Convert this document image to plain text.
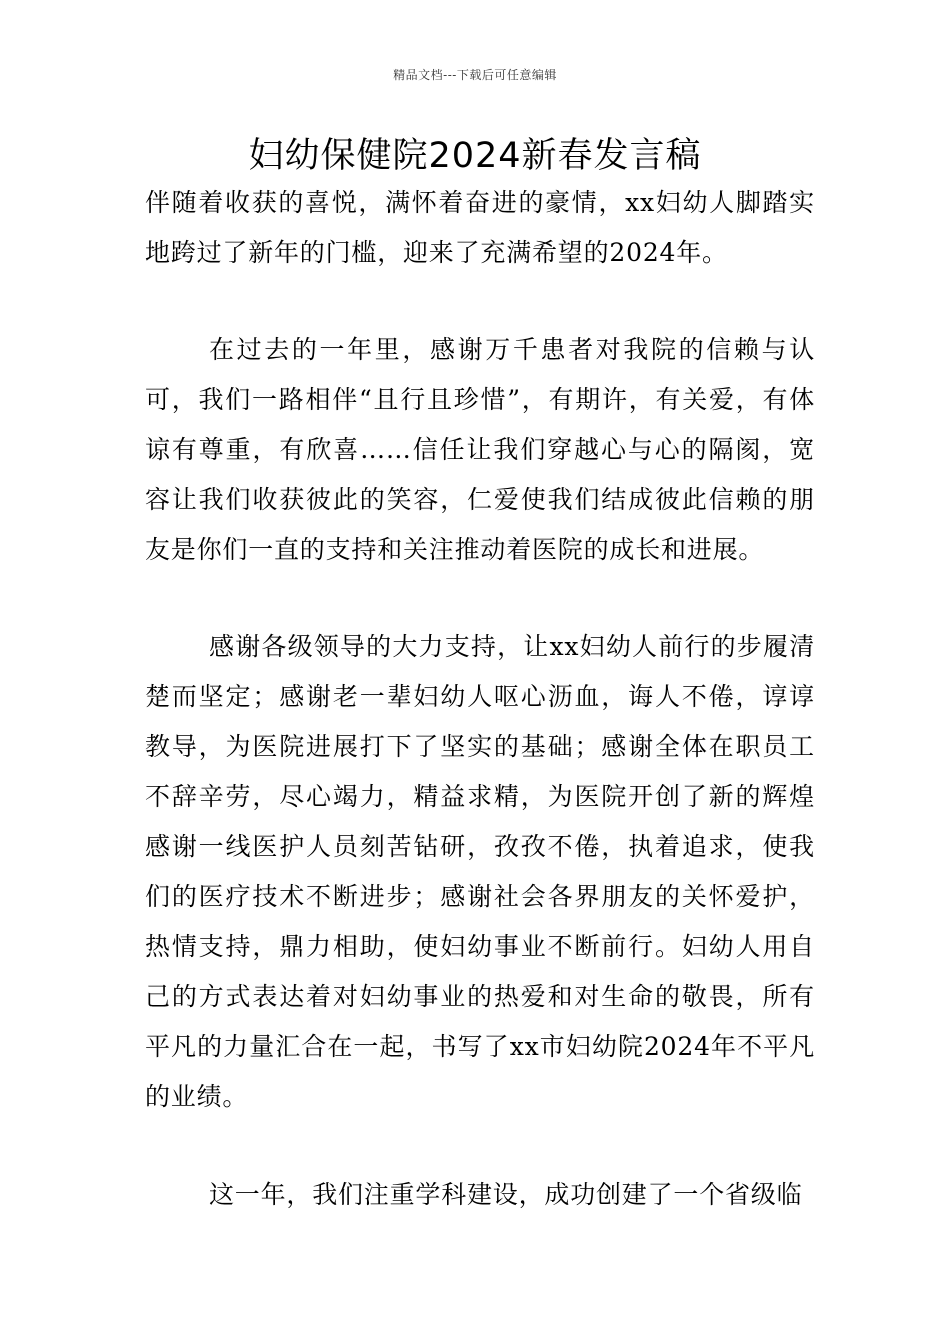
精品文档---下载后可任意编辑
妇幼保健院2024新春发言稿

伴随着收获的喜悦，满怀着奋进的豪情，xx妇幼人脚踏实地跨过了新年的门槛，迎来了充满希望的2024年。

在过去的一年里，感谢万千患者对我院的信赖与认可，我们一路相伴“且行且珍惜”，有期许，有关爱，有体谅有尊重，有欣喜……信任让我们穿越心与心的隔阂，宽容让我们收获彼此的笑容，仁爱使我们结成彼此信赖的朋友是你们一直的支持和关注推动着医院的成长和进展。

感谢各级领导的大力支持，让xx妇幼人前行的步履清楚而坚定；感谢老一辈妇幼人呕心沥血，诲人不倦，谆谆教导，为医院进展打下了坚实的基础；感谢全体在职员工不辞辛劳，尽心竭力，精益求精，为医院开创了新的辉煌感谢一线医护人员刻苦钻研，孜孜不倦，执着追求，使我们的医疗技术不断进步；感谢社会各界朋友的关怀爱护，热情支持，鼎力相助，使妇幼事业不断前行。妇幼人用自己的方式表达着对妇幼事业的热爱和对生命的敬畏，所有平凡的力量汇合在一起，书写了xx市妇幼院2024年不平凡的业绩。

这一年，我们注重学科建设，成功创建了一个省级临
